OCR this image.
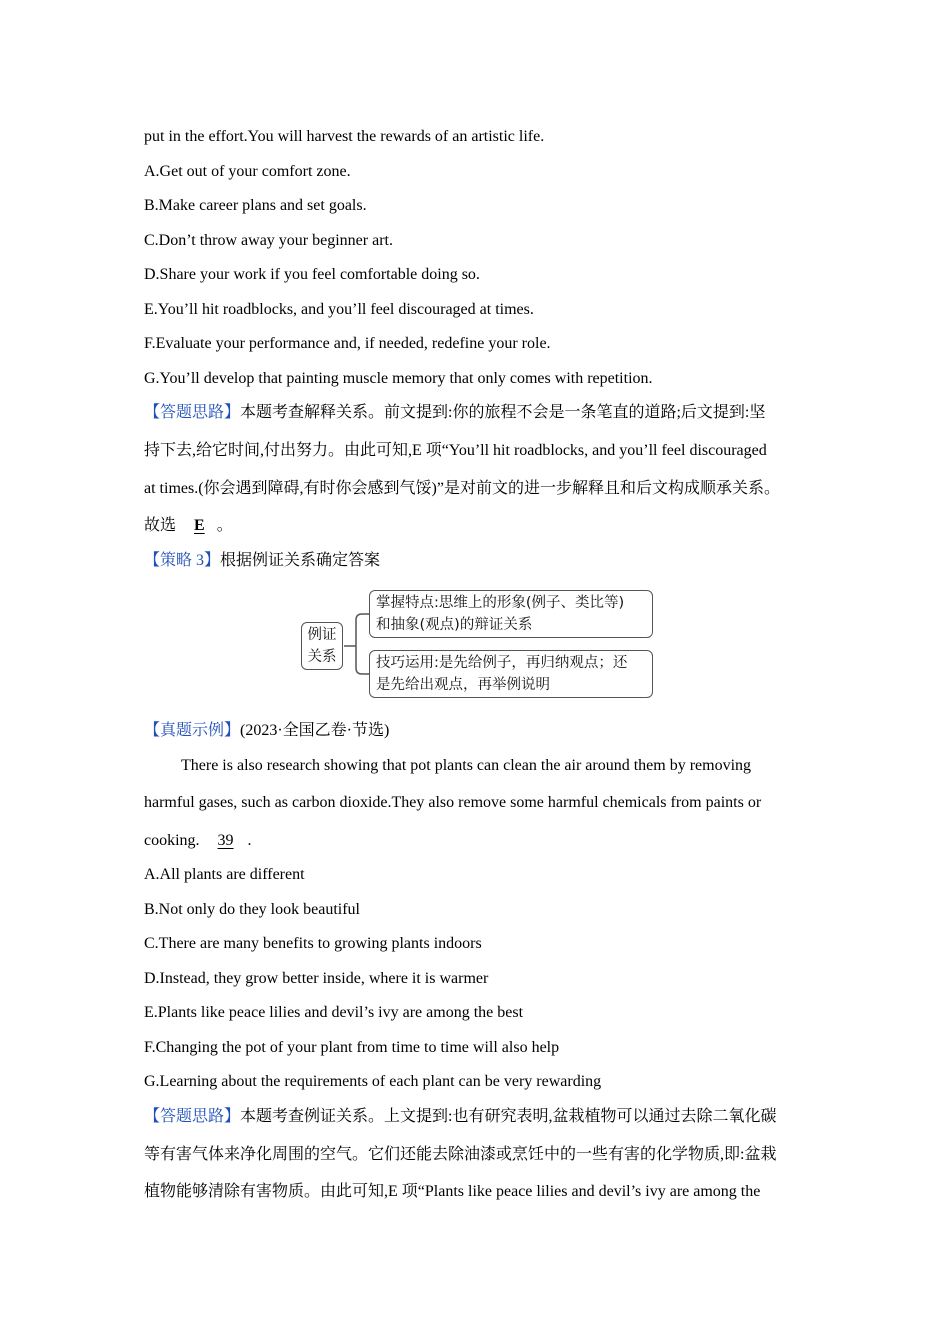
put in the effort.You will harvest the rewards of an artistic life.
A.Get out of your comfort zone.
B.Make career plans and set goals.
C.Don’t throw away your beginner art.
D.Share your work if you feel comfortable doing so.
E.You’ll hit roadblocks, and you’ll feel discouraged at times.
F.Evaluate your performance and, if needed, redefine your role.
G.You’ll develop that painting muscle memory that only comes with repetition.
【答题思路】本题考查解释关系。前文提到:你的旅程不会是一条笔直的道路;后文提到:坚
持下去,给它时间,付出努力。由此可知,E 项“You’ll hit roadblocks, and you’ll feel discouraged
at times.(你会遇到障碍,有时你会感到气馁)”是对前文的进一步解释且和后文构成顺承关系。
故选 E 。
【策略 3】根据例证关系确定答案
例证
关系
掌握特点:思维上的形象(例子、类比等)
和抽象(观点)的辩证关系
技巧运用:是先给例子，再归纳观点；还
是先给出观点，再举例说明
【真题示例】(2023·全国乙卷·节选)
There is also research showing that pot plants can clean the air around them by removing
harmful gases, such as carbon dioxide.They also remove some harmful chemicals from paints or
cooking. 39 .
A.All plants are different
B.Not only do they look beautiful
C.There are many benefits to growing plants indoors
D.Instead, they grow better inside, where it is warmer
E.Plants like peace lilies and devil’s ivy are among the best
F.Changing the pot of your plant from time to time will also help
G.Learning about the requirements of each plant can be very rewarding
【答题思路】本题考查例证关系。上文提到:也有研究表明,盆栽植物可以通过去除二氧化碳
等有害气体来净化周围的空气。它们还能去除油漆或烹饪中的一些有害的化学物质,即:盆栽
植物能够清除有害物质。由此可知,E 项“Plants like peace lilies and devil’s ivy are among the
